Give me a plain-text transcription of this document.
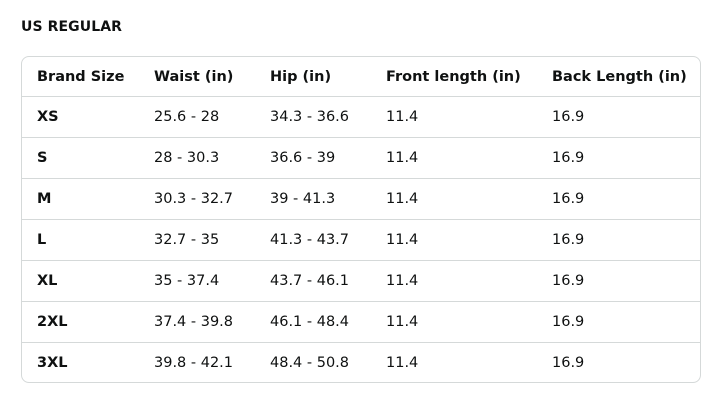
US REGULAR
Brand Size	Waist (in)	Hip (in)	Front length (in)	Back Length (in)
XS	25.6 - 28	34.3 - 36.6	11.4	16.9
S	28 - 30.3	36.6 - 39	11.4	16.9
M	30.3 - 32.7	39 - 41.3	11.4	16.9
L	32.7 - 35	41.3 - 43.7	11.4	16.9
XL	35 - 37.4	43.7 - 46.1	11.4	16.9
2XL	37.4 - 39.8	46.1 - 48.4	11.4	16.9
3XL	39.8 - 42.1	48.4 - 50.8	11.4	16.9
